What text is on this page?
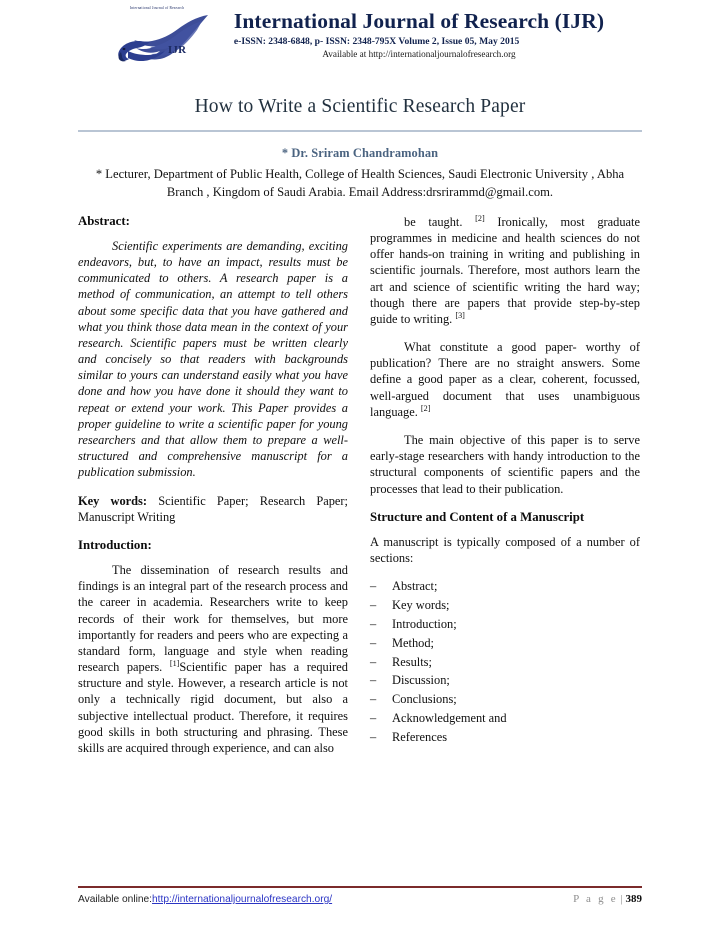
International Journal of Research
IJR
International Journal of Research (IJR)
e-ISSN: 2348-6848, p- ISSN: 2348-795X Volume 2, Issue 05, May 2015
Available at http://internationaljournalofresearch.org
How to Write a Scientific Research Paper
* Dr. Sriram Chandramohan
* Lecturer, Department of Public Health, College of Health Sciences, Saudi Electronic University , Abha Branch , Kingdom of Saudi Arabia. Email Address:drsrirammd@gmail.com.
Abstract:

Scientific experiments are demanding, exciting endeavors, but, to have an impact, results must be communicated to others. A research paper is a method of communication, an attempt to tell others about some specific data that you have gathered and what you think those data mean in the context of your research. Scientific papers must be written clearly and concisely so that readers with backgrounds similar to yours can understand easily what you have done and how you have done it should they want to repeat or extend your work. This Paper provides a proper guideline to write a scientific paper for young researchers and that allow them to prepare a well-structured and comprehensive manuscript for a publication submission.

Key words: Scientific Paper; Research Paper; Manuscript Writing

Introduction:

The dissemination of research results and findings is an integral part of the research process and the career in academia. Researchers write to keep records of their work for themselves, but more importantly for readers and peers who are expecting a standard form, language and style when reading research papers. [1]Scientific paper has a required structure and style. However, a research article is not only a technically rigid document, but also a subjective intellectual product. Therefore, it requires good skills in both structuring and phrasing. These skills are acquired through experience, and can also

be taught. [2] Ironically, most graduate programmes in medicine and health sciences do not offer hands-on training in writing and publishing in scientific journals. Therefore, most authors learn the art and science of scientific writing the hard way; though there are papers that provide step-by-step guide to writing. [3]

What constitute a good paper- worthy of publication? There are no straight answers. Some define a good paper as a clear, coherent, focussed, well-argued document that uses unambiguous language. [2]

The main objective of this paper is to serve early-stage researchers with handy introduction to the structural components of scientific papers and the processes that lead to their publication.

Structure and Content of a Manuscript

A manuscript is typically composed of a number of sections:

–	Abstract;
–	Key words;
–	Introduction;
–	Method;
–	Results;
–	Discussion;
–	Conclusions;
–	Acknowledgement and
–	References
Available online:http://internationaljournalofresearch.org/	P a g e | 389
